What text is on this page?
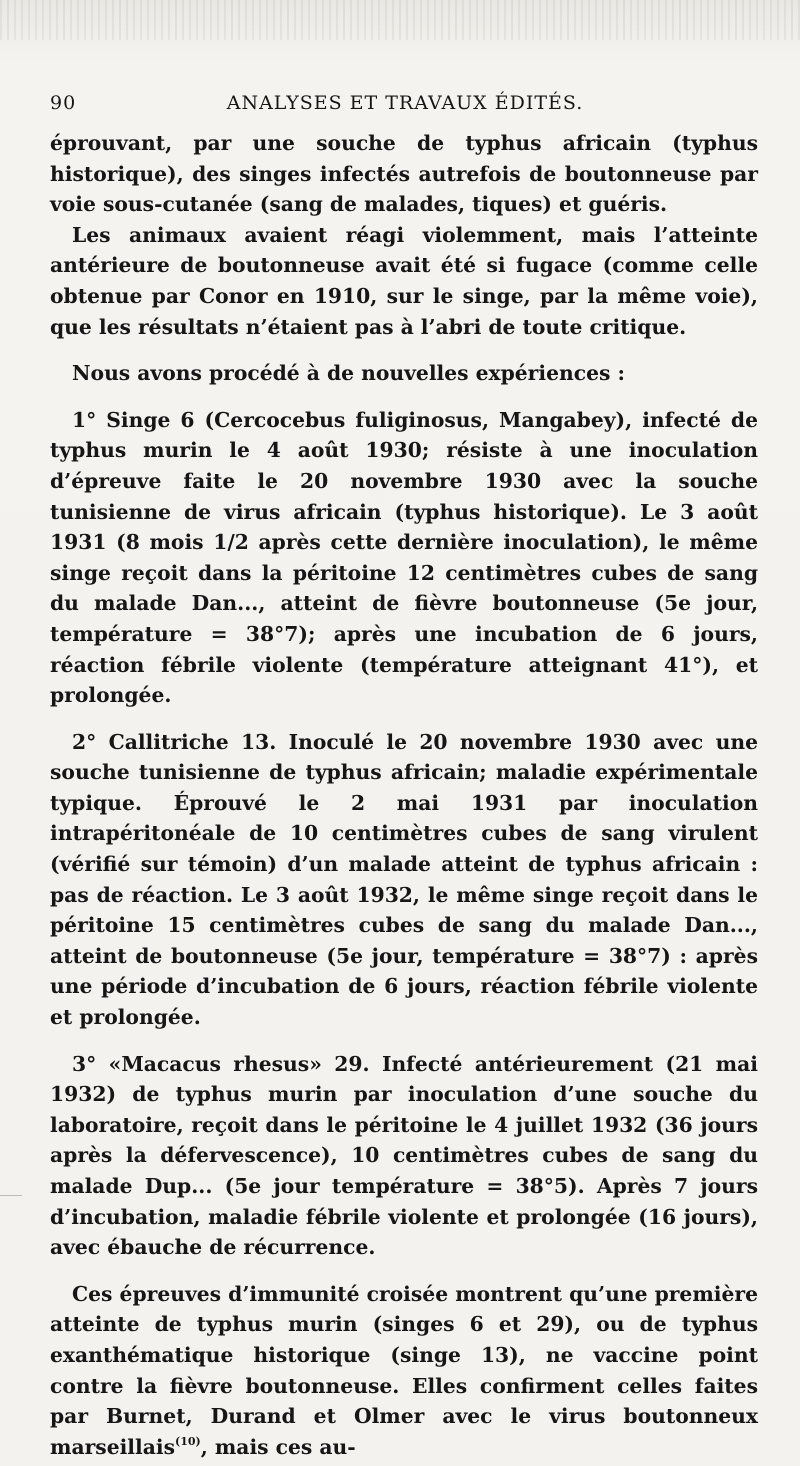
90	ANALYSES ET TRAVAUX ÉDITÉS.

éprouvant, par une souche de typhus africain (typhus historique), des singes infectés autrefois de boutonneuse par voie sous-cutanée (sang de malades, tiques) et guéris.

Les animaux avaient réagi violemment, mais l’atteinte antérieure de boutonneuse avait été si fugace (comme celle obtenue par Conor en 1910, sur le singe, par la même voie), que les résultats n’étaient pas à l’abri de toute critique.

Nous avons procédé à de nouvelles expériences :

1° Singe 6 (Cercocebus fuliginosus, Mangabey), infecté de typhus murin le 4 août 1930; résiste à une inoculation d’épreuve faite le 20 novembre 1930 avec la souche tunisienne de virus africain (typhus historique). Le 3 août 1931 (8 mois 1/2 après cette dernière inoculation), le même singe reçoit dans la péritoine 12 centimètres cubes de sang du malade Dan..., atteint de fièvre boutonneuse (5e jour, température = 38°7); après une incubation de 6 jours, réaction fébrile violente (température atteignant 41°), et prolongée.

2° Callitriche 13. Inoculé le 20 novembre 1930 avec une souche tunisienne de typhus africain; maladie expérimentale typique. Éprouvé le 2 mai 1931 par inoculation intrapéritonéale de 10 centimètres cubes de sang virulent (vérifié sur témoin) d’un malade atteint de typhus africain : pas de réaction. Le 3 août 1932, le même singe reçoit dans le péritoine 15 centimètres cubes de sang du malade Dan..., atteint de boutonneuse (5e jour, température = 38°7) : après une période d’incubation de 6 jours, réaction fébrile violente et prolongée.

3° «Macacus rhesus» 29. Infecté antérieurement (21 mai 1932) de typhus murin par inoculation d’une souche du laboratoire, reçoit dans le péritoine le 4 juillet 1932 (36 jours après la défervescence), 10 centimètres cubes de sang du malade Dup... (5e jour température = 38°5). Après 7 jours d’incubation, maladie fébrile violente et prolongée (16 jours), avec ébauche de récurrence.

Ces épreuves d’immunité croisée montrent qu’une première atteinte de typhus murin (singes 6 et 29), ou de typhus exanthématique historique (singe 13), ne vaccine point contre la fièvre boutonneuse. Elles confirment celles faites par Burnet, Durand et Olmer avec le virus boutonneux marseillais$^{(10)}$, mais ces au-
